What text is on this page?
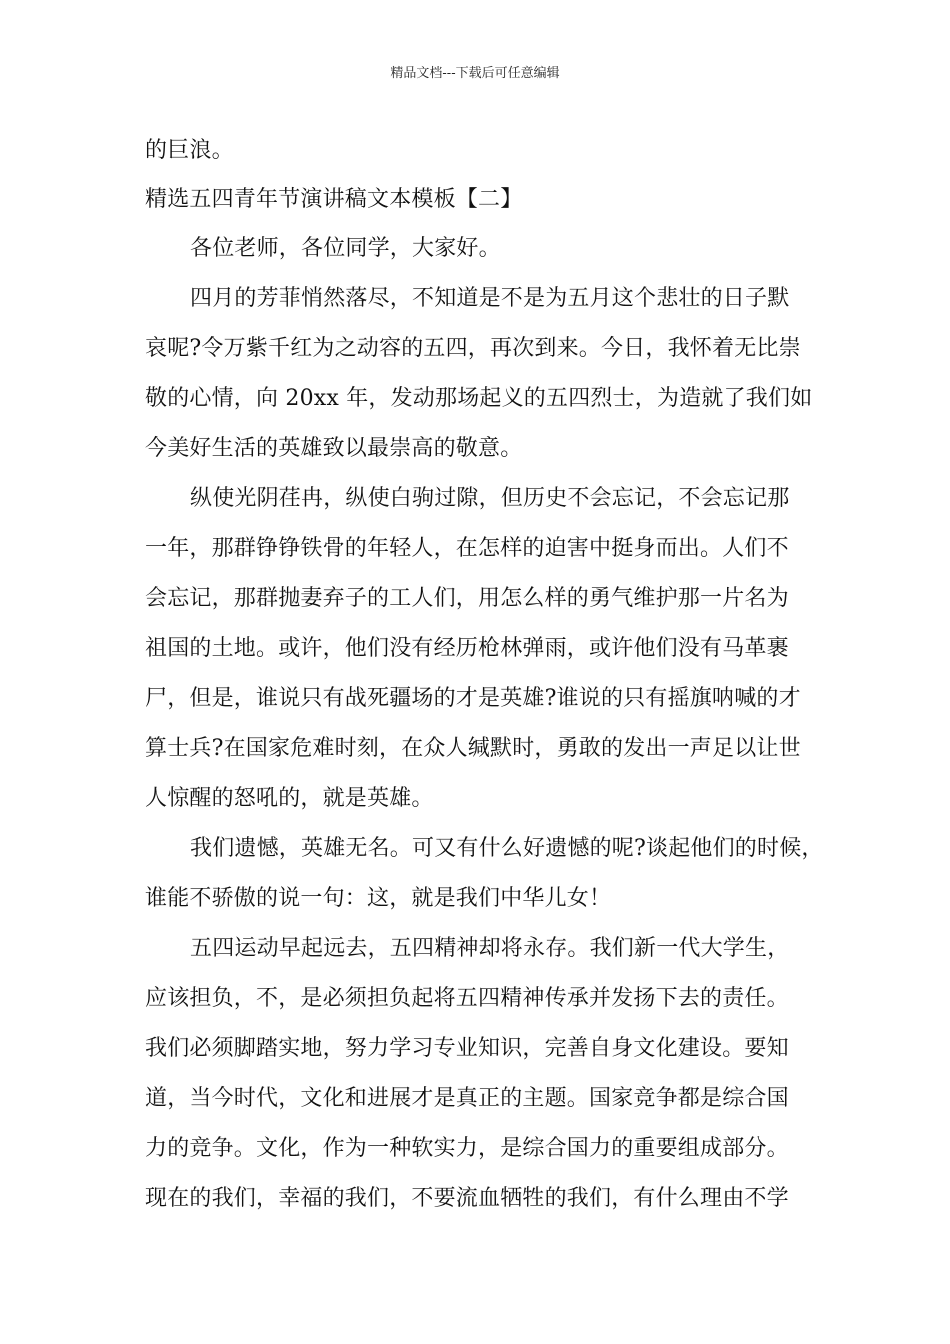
精品文档---下载后可任意编辑
的巨浪。
精选五四青年节演讲稿文本模板【二】
各位老师，各位同学，大家好。
四月的芳菲悄然落尽，不知道是不是为五月这个悲壮的日子默
哀呢?令万紫千红为之动容的五四，再次到来。今日，我怀着无比崇
敬的心情，向 20xx 年，发动那场起义的五四烈士，为造就了我们如
今美好生活的英雄致以最崇高的敬意。
纵使光阴荏冉，纵使白驹过隙，但历史不会忘记，不会忘记那
一年，那群铮铮铁骨的年轻人，在怎样的迫害中挺身而出。人们不
会忘记，那群抛妻弃子的工人们，用怎么样的勇气维护那一片名为
祖国的土地。或许，他们没有经历枪林弹雨，或许他们没有马革裹
尸，但是，谁说只有战死疆场的才是英雄?谁说的只有摇旗呐喊的才
算士兵?在国家危难时刻，在众人缄默时，勇敢的发出一声足以让世
人惊醒的怒吼的，就是英雄。
我们遗憾，英雄无名。可又有什么好遗憾的呢?谈起他们的时候，
谁能不骄傲的说一句：这，就是我们中华儿女！
五四运动早起远去，五四精神却将永存。我们新一代大学生，
应该担负，不，是必须担负起将五四精神传承并发扬下去的责任。
我们必须脚踏实地，努力学习专业知识，完善自身文化建设。要知
道，当今时代，文化和进展才是真正的主题。国家竞争都是综合国
力的竞争。文化，作为一种软实力，是综合国力的重要组成部分。
现在的我们，幸福的我们，不要流血牺牲的我们，有什么理由不学
